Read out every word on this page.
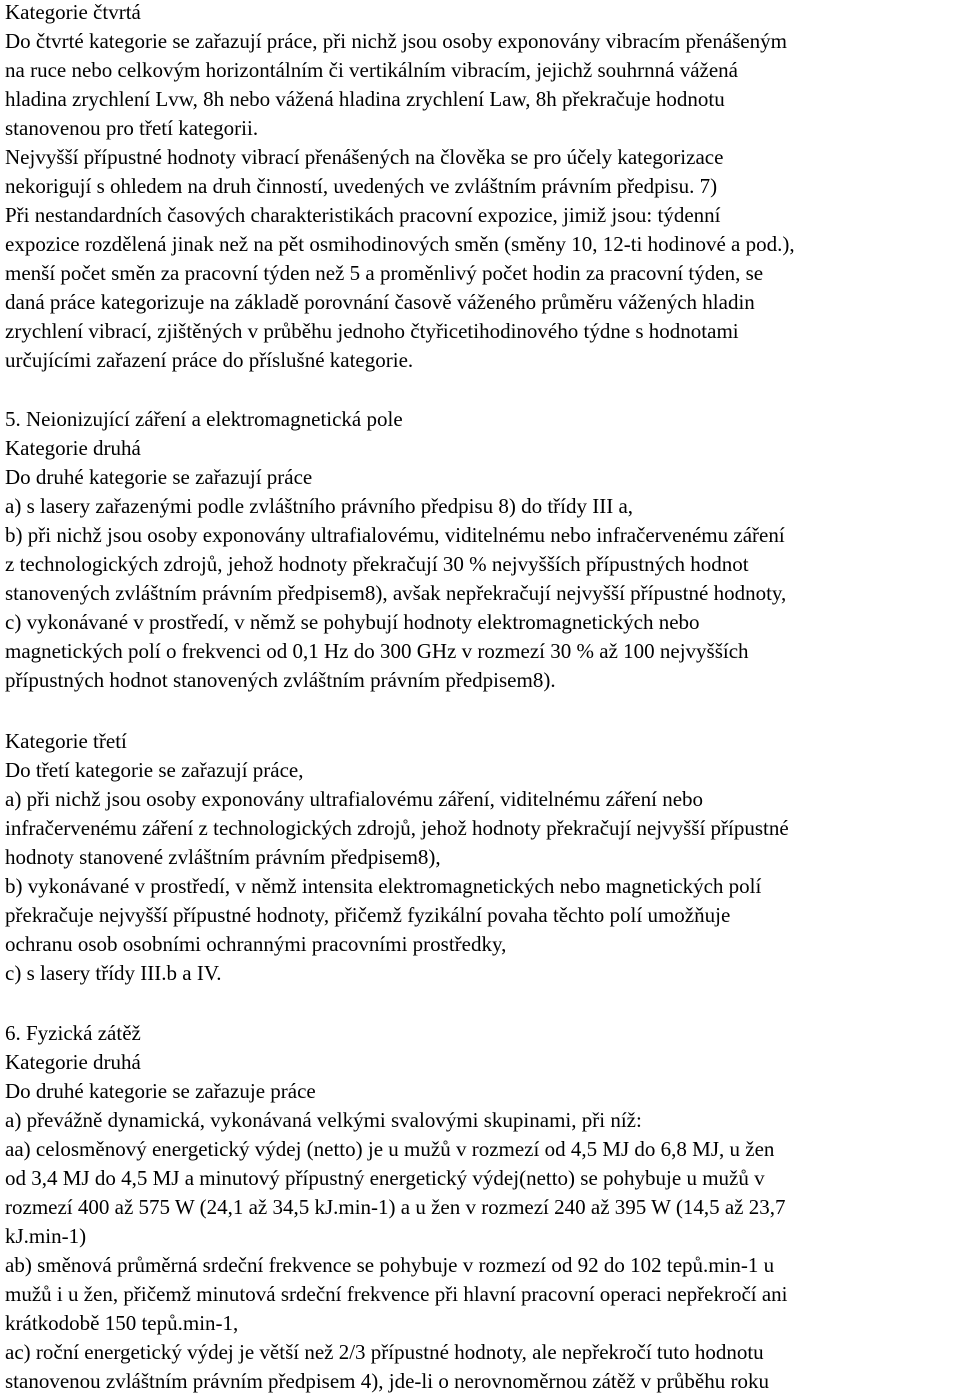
Kategorie čtvrtá
Do čtvrté kategorie se zařazují práce, při nichž jsou osoby exponovány vibracím přenášeným
na ruce nebo celkovým horizontálním či vertikálním vibracím, jejichž souhrnná vážená
hladina zrychlení Lvw, 8h nebo vážená hladina zrychlení Law, 8h překračuje hodnotu
stanovenou pro třetí kategorii.
Nejvyšší přípustné hodnoty vibrací přenášených na člověka se pro účely kategorizace
nekorigují s ohledem na druh činností, uvedených ve zvláštním právním předpisu. 7)
Při nestandardních časových charakteristikách pracovní expozice, jimiž jsou: týdenní
expozice rozdělená jinak než na pět osmihodinových směn (směny 10, 12-ti hodinové a pod.),
menší počet směn za pracovní týden než 5 a proměnlivý počet hodin za pracovní týden, se
daná práce kategorizuje na základě porovnání časově váženého průměru vážených hladin
zrychlení vibrací, zjištěných v průběhu jednoho čtyřicetihodinového týdne s hodnotami
určujícími zařazení práce do příslušné kategorie.
5. Neionizující záření a elektromagnetická pole
Kategorie druhá
Do druhé kategorie se zařazují práce
a) s lasery zařazenými podle zvláštního právního předpisu 8) do třídy III a,
b) při nichž jsou osoby exponovány ultrafialovému, viditelnému nebo infračervenému záření
z technologických zdrojů, jehož hodnoty překračují 30 % nejvyšších přípustných hodnot
stanovených zvláštním právním předpisem8), avšak nepřekračují nejvyšší přípustné hodnoty,
c) vykonávané v prostředí, v němž se pohybují hodnoty elektromagnetických nebo
magnetických polí o frekvenci od 0,1 Hz do 300 GHz v rozmezí 30 % až 100 nejvyšších
přípustných hodnot stanovených zvláštním právním předpisem8).
Kategorie třetí
Do třetí kategorie se zařazují práce,
a) při nichž jsou osoby exponovány ultrafialovému záření, viditelnému záření nebo
infračervenému záření z technologických zdrojů, jehož hodnoty překračují nejvyšší přípustné
hodnoty stanovené zvláštním právním předpisem8),
b) vykonávané v prostředí, v němž intensita elektromagnetických nebo magnetických polí
překračuje nejvyšší přípustné hodnoty, přičemž fyzikální povaha těchto polí umožňuje
ochranu osob osobními ochrannými pracovními prostředky,
c) s lasery třídy III.b a IV.
6. Fyzická zátěž
Kategorie druhá
Do druhé kategorie se zařazuje práce
a) převážně dynamická, vykonávaná velkými svalovými skupinami, při níž:
aa) celosměnový energetický výdej (netto) je u mužů v rozmezí od 4,5 MJ do 6,8 MJ, u žen
od 3,4 MJ do 4,5 MJ a minutový přípustný energetický výdej(netto) se pohybuje u mužů v
rozmezí 400 až 575 W (24,1 až 34,5 kJ.min-1) a u žen v rozmezí 240 až 395 W (14,5 až 23,7
kJ.min-1)
ab) směnová průměrná srdeční frekvence se pohybuje v rozmezí od 92 do 102 tepů.min-1 u
mužů i u žen, přičemž minutová srdeční frekvence při hlavní pracovní operaci nepřekročí ani
krátkodobě 150 tepů.min-1,
ac) roční energetický výdej je větší než 2/3 přípustné hodnoty, ale nepřekročí tuto hodnotu
stanovenou zvláštním právním předpisem 4), jde-li o nerovnoměrnou zátěž v průběhu roku
